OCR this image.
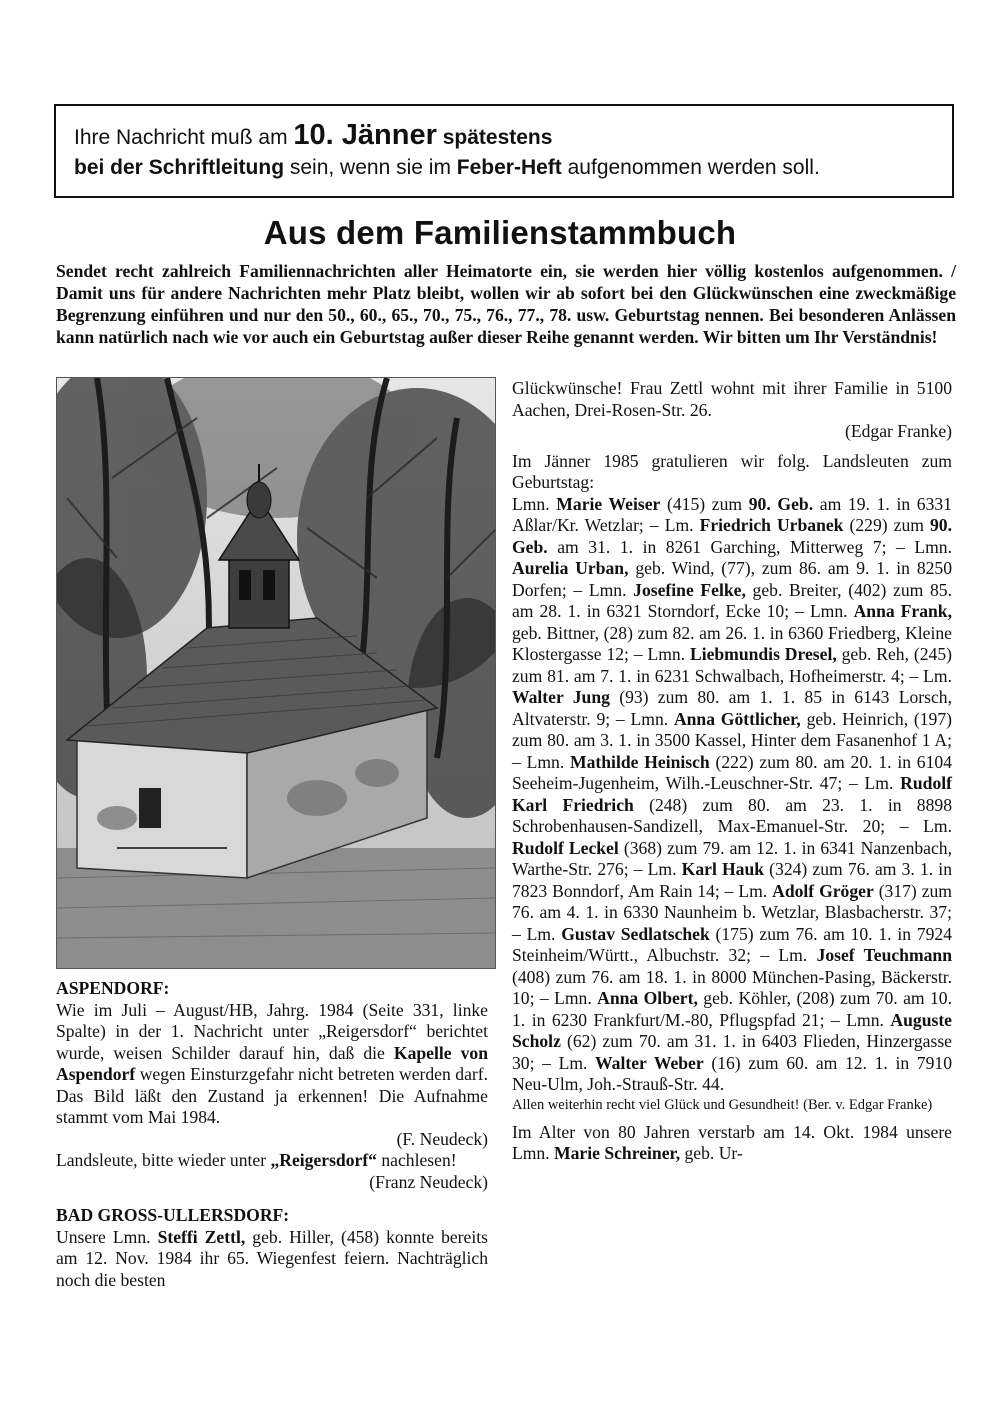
Ihre Nachricht muß am 10. Jänner spätestens
bei der Schriftleitung sein, wenn sie im Feber-Heft aufgenommen werden soll.
Aus dem Familienstammbuch
Sendet recht zahlreich Familiennachrichten aller Heimatorte ein, sie werden hier völlig kostenlos aufgenommen. / Damit uns für andere Nachrichten mehr Platz bleibt, wollen wir ab sofort bei den Glückwünschen eine zweckmäßige Begrenzung einführen und nur den 50., 60., 65., 70., 75., 76., 77., 78. usw. Geburtstag nennen. Bei besonderen Anlässen kann natürlich nach wie vor auch ein Geburtstag außer dieser Reihe genannt werden. Wir bitten um Ihr Verständnis!

ASPENDORF:

Wie im Juli – August/HB, Jahrg. 1984 (Seite 331, linke Spalte) in der 1. Nachricht unter „Reigersdorf“ berichtet wurde, weisen Schilder darauf hin, daß die Kapelle von Aspendorf wegen Einsturzgefahr nicht betreten werden darf. Das Bild läßt den Zustand ja erkennen! Die Aufnahme stammt vom Mai 1984.

(F. Neudeck)

Landsleute, bitte wieder unter „Reigersdorf“ nachlesen!

(Franz Neudeck)

BAD GROSS-ULLERSDORF:

Unsere Lmn. Steffi Zettl, geb. Hiller, (458) konnte bereits am 12. Nov. 1984 ihr 65. Wiegenfest feiern. Nachträglich noch die besten

Glückwünsche! Frau Zettl wohnt mit ihrer Familie in 5100 Aachen, Drei-Rosen-Str. 26.

(Edgar Franke)

Im Jänner 1985 gratulieren wir folg. Landsleuten zum Geburtstag:

Lmn. Marie Weiser (415) zum 90. Geb. am 19. 1. in 6331 Aßlar/Kr. Wetzlar; – Lm. Friedrich Urbanek (229) zum 90. Geb. am 31. 1. in 8261 Garching, Mitterweg 7; – Lmn. Aurelia Urban, geb. Wind, (77), zum 86. am 9. 1. in 8250 Dorfen; – Lmn. Josefine Felke, geb. Breiter, (402) zum 85. am 28. 1. in 6321 Storndorf, Ecke 10; – Lmn. Anna Frank, geb. Bittner, (28) zum 82. am 26. 1. in 6360 Friedberg, Kleine Klostergasse 12; – Lmn. Liebmundis Dresel, geb. Reh, (245) zum 81. am 7. 1. in 6231 Schwalbach, Hofheimerstr. 4; – Lm. Walter Jung (93) zum 80. am 1. 1. 85 in 6143 Lorsch, Altvaterstr. 9; – Lmn. Anna Göttlicher, geb. Heinrich, (197) zum 80. am 3. 1. in 3500 Kassel, Hinter dem Fasanenhof 1 A; – Lmn. Mathilde Heinisch (222) zum 80. am 20. 1. in 6104 Seeheim-Jugenheim, Wilh.-Leuschner-Str. 47; – Lm. Rudolf Karl Friedrich (248) zum 80. am 23. 1. in 8898 Schrobenhausen-Sandizell, Max-Emanuel-Str. 20; – Lm. Rudolf Leckel (368) zum 79. am 12. 1. in 6341 Nanzenbach, Warthe-Str. 276; – Lm. Karl Hauk (324) zum 76. am 3. 1. in 7823 Bonndorf, Am Rain 14; – Lm. Adolf Gröger (317) zum 76. am 4. 1. in 6330 Naunheim b. Wetzlar, Blasbacherstr. 37; – Lm. Gustav Sedlatschek (175) zum 76. am 10. 1. in 7924 Steinheim/Württ., Albuchstr. 32; – Lm. Josef Teuchmann (408) zum 76. am 18. 1. in 8000 München-Pasing, Bäckerstr. 10; – Lmn. Anna Olbert, geb. Köhler, (208) zum 70. am 10. 1. in 6230 Frankfurt/M.-80, Pflugspfad 21; – Lmn. Auguste Scholz (62) zum 70. am 31. 1. in 6403 Flieden, Hinzergasse 30; – Lm. Walter Weber (16) zum 60. am 12. 1. in 7910 Neu-Ulm, Joh.-Strauß-Str. 44.

Allen weiterhin recht viel Glück und Gesundheit! (Ber. v. Edgar Franke)

Im Alter von 80 Jahren verstarb am 14. Okt. 1984 unsere Lmn. Marie Schreiner, geb. Ur-
